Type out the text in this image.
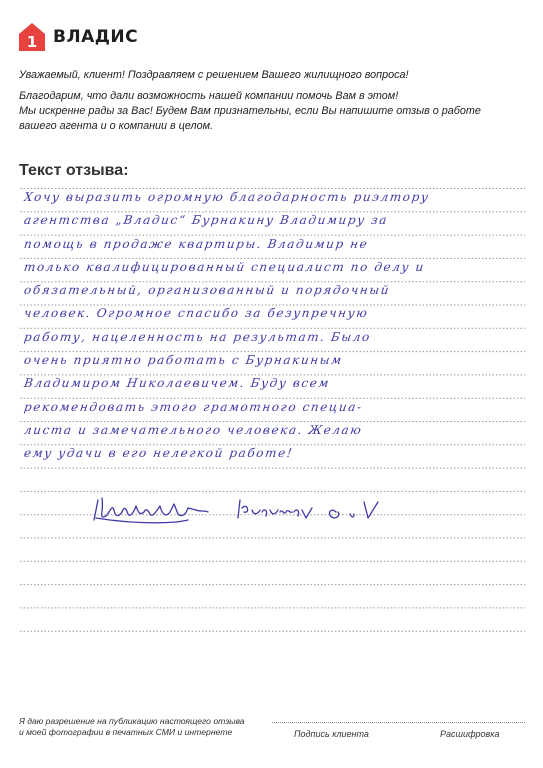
1 ВЛАДИС

Уважаемый, клиент! Поздравляем с решением Вашего жилищного вопроса!

Благодарим, что дали возможность нашей компании помочь Вам в этом!
Мы искренне рады за Вас! Будем Вам признательны, если Вы напишите отзыв о работе
вашего агента и о компании в целом.

Текст отзыва:
Хочу выразить огромную благодарность риэлтору
агентства „Владис“ Бурнакину Владимиру за
помощь в продаже квартиры. Владимир не
только квалифицированный специалист по делу и
обязательный, организованный и порядочный
человек. Огромное спасибо за безупречную
работу, нацеленность на результат. Было
очень приятно работать с Бурнакиным
Владимиром Николаевичем. Буду всем
рекомендовать этого грамотного специа-
листа и замечательного человека. Желаю
ему удачи в его нелегкой работе!

Я даю разрешение на публикацию настоящего отзыва

и моей фотографии в печатных СМИ и интернете	Подпись клиента	Расшифровка
